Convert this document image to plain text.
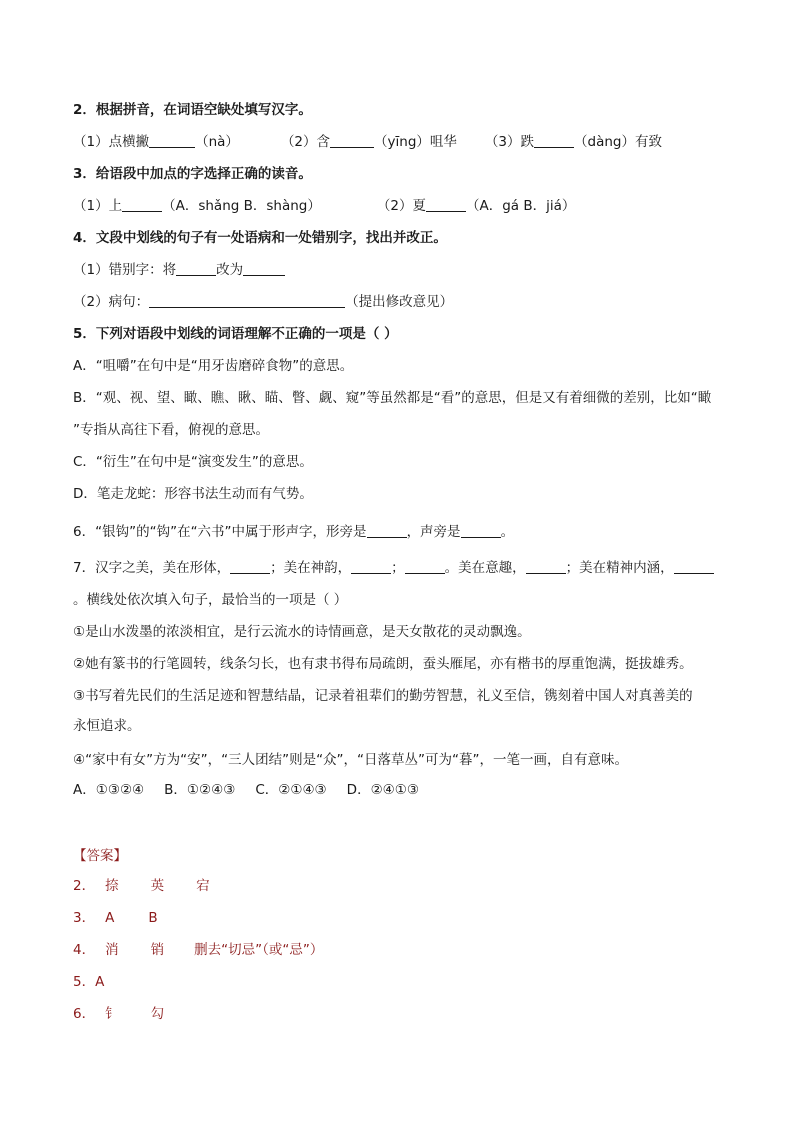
2．根据拼音，在词语空缺处填写汉字。
（1）点横撇	（nà）	（2）含	（yīng）咀华 （3）跌	（dàng）有致
3．给语段中加点的字选择正确的读音。
（1）上	（A．shǎng B．shàng）	（2）夏	（A．gá B．jiá）
4．文段中划线的句子有一处语病和一处错别字，找出并改正。
（1）错别字：将	改为
（2）病句：	（提出修改意见）
5．下列对语段中划线的词语理解不正确的一项是（ ）
A．“咀嚼”在句中是“用牙齿磨碎食物”的意思。
B．“观、视、望、瞰、瞧、瞅、瞄、瞥、觑、窥”等虽然都是“看”的意思，但是又有着细微的差别，比如“瞰
”专指从高往下看，俯视的意思。
C．“衍生”在句中是“演变发生”的意思。
D．笔走龙蛇：形容书法生动而有气势。
6．“银钩”的“钩”在“六书”中属于形声字，形旁是	，声旁是	。
7．汉字之美，美在形体，	；美在神韵，	；	。美在意趣，	；美在精神内涵，
。横线处依次填入句子，最恰当的一项是（ ）
①是山水泼墨的浓淡相宜，是行云流水的诗情画意，是天女散花的灵动飘逸。
②她有篆书的行笔圆转，线条匀长，也有隶书得布局疏朗，蚕头雁尾，亦有楷书的厚重饱满，挺拔雄秀。
③书写着先民们的生活足迹和智慧结晶，记录着祖辈们的勤劳智慧，礼义至信，镌刻着中国人对真善美的
永恒追求。
④“家中有女”方为“安”，“三人团结”则是“众”，“日落草丛”可为“暮”，一笔一画，自有意味。
A．①③②④ B．①②④③ C．②①④③ D．②④①③
【答案】
2． 捺 英 宕
3． A	B
4． 消 销 删去“切忌”（或“忌”）
5．A
6． 钅 勾
